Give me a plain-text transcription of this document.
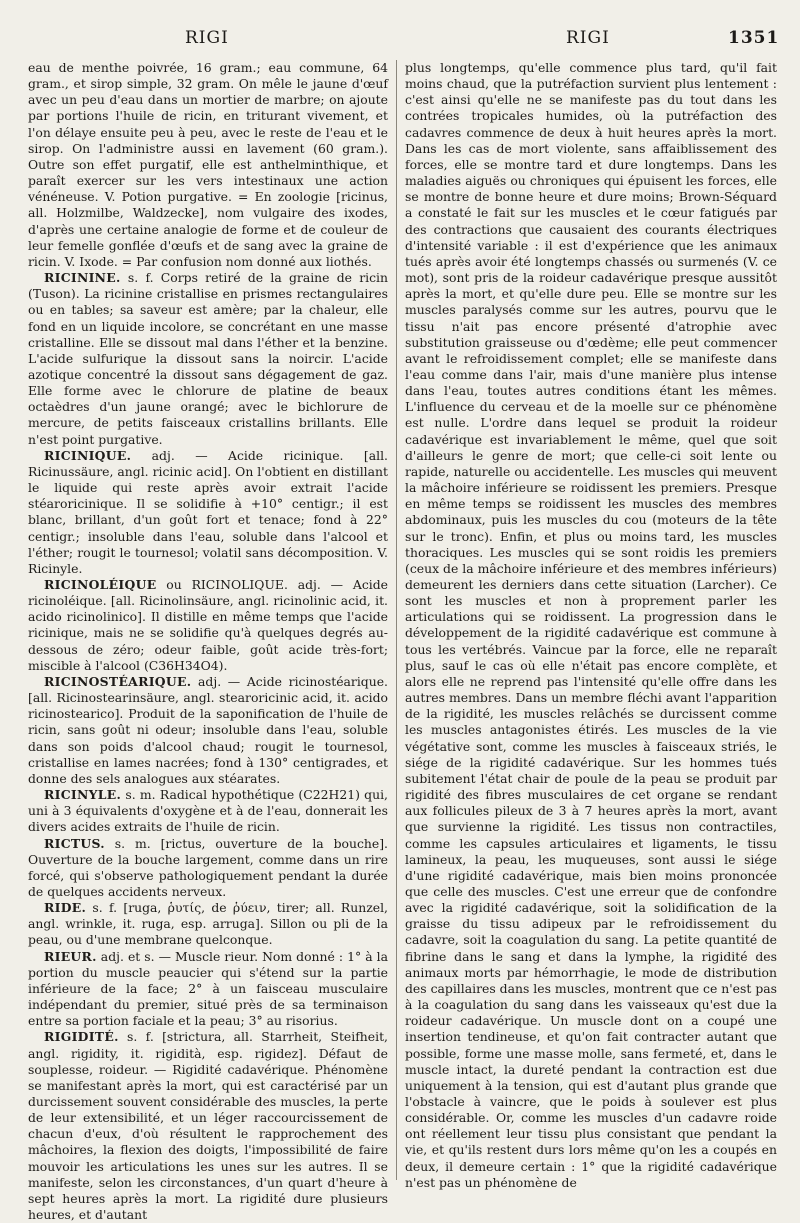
RIGI	RIGI	1351

eau de menthe poivrée, 16 gram.; eau commune, 64 gram., et sirop simple, 32 gram. On mêle le jaune d'œuf avec un peu d'eau dans un mortier de marbre; on ajoute par portions l'huile de ricin, en triturant vivement, et l'on délaye ensuite peu à peu, avec le reste de l'eau et le sirop. On l'administre aussi en lavement (60 gram.). Outre son effet purgatif, elle est anthelminthique, et paraît exercer sur les vers intestinaux une action vénéneuse. V. Potion purgative. = En zoologie [ricinus, all. Holzmilbe, Waldzecke], nom vulgaire des ixodes, d'après une certaine analogie de forme et de couleur de leur femelle gonflée d'œufs et de sang avec la graine de ricin. V. Ixode. = Par confusion nom donné aux liothés.

RICININE. s. f. Corps retiré de la graine de ricin (Tuson). La ricinine cristallise en prismes rectangulaires ou en tables; sa saveur est amère; par la chaleur, elle fond en un liquide incolore, se concrétant en une masse cristalline. Elle se dissout mal dans l'éther et la benzine. L'acide sulfurique la dissout sans la noircir. L'acide azotique concentré la dissout sans dégagement de gaz. Elle forme avec le chlorure de platine de beaux octaèdres d'un jaune orangé; avec le bichlorure de mercure, de petits faisceaux cristallins brillants. Elle n'est point purgative.

RICINIQUE. adj. — Acide ricinique. [all. Ricinussäure, angl. ricinic acid]. On l'obtient en distillant le liquide qui reste après avoir extrait l'acide stéaroricinique. Il se solidifie à +10° centigr.; il est blanc, brillant, d'un goût fort et tenace; fond à 22° centigr.; insoluble dans l'eau, soluble dans l'alcool et l'éther; rougit le tournesol; volatil sans décomposition. V. Ricinyle.

RICINOLÉIQUE ou RICINOLIQUE. adj. — Acide ricinoléique. [all. Ricinolinsäure, angl. ricinolinic acid, it. acido ricinolinico]. Il distille en même temps que l'acide ricinique, mais ne se solidifie qu'à quelques degrés au-dessous de zéro; odeur faible, goût acide très-fort; miscible à l'alcool (C36H34O4).

RICINOSTÉARIQUE. adj. — Acide ricinostéarique. [all. Ricinostearinsäure, angl. stearoricinic acid, it. acido ricinostearico]. Produit de la saponification de l'huile de ricin, sans goût ni odeur; insoluble dans l'eau, soluble dans son poids d'alcool chaud; rougit le tournesol, cristallise en lames nacrées; fond à 130° centigrades, et donne des sels analogues aux stéarates.

RICINYLE. s. m. Radical hypothétique (C22H21) qui, uni à 3 équivalents d'oxygène et à de l'eau, donnerait les divers acides extraits de l'huile de ricin.

RICTUS. s. m. [rictus, ouverture de la bouche]. Ouverture de la bouche largement, comme dans un rire forcé, qui s'observe pathologiquement pendant la durée de quelques accidents nerveux.

RIDE. s. f. [ruga, ῥυτίς, de ῥύειν, tirer; all. Runzel, angl. wrinkle, it. ruga, esp. arruga]. Sillon ou pli de la peau, ou d'une membrane quelconque.

RIEUR. adj. et s. — Muscle rieur. Nom donné : 1° à la portion du muscle peaucier qui s'étend sur la partie inférieure de la face; 2° à un faisceau musculaire indépendant du premier, situé près de sa terminaison entre sa portion faciale et la peau; 3° au risorius.

RIGIDITÉ. s. f. [strictura, all. Starrheit, Steifheit, angl. rigidity, it. rigidità, esp. rigidez]. Défaut de souplesse, roideur. — Rigidité cadavérique. Phénomène se manifestant après la mort, qui est caractérisé par un durcissement souvent considérable des muscles, la perte de leur extensibilité, et un léger raccourcissement de chacun d'eux, d'où résultent le rapprochement des mâchoires, la flexion des doigts, l'impossibilité de faire mouvoir les articulations les unes sur les autres. Il se manifeste, selon les circonstances, d'un quart d'heure à sept heures après la mort. La rigidité dure plusieurs heures, et d'autant

plus longtemps, qu'elle commence plus tard, qu'il fait moins chaud, que la putréfaction survient plus lentement : c'est ainsi qu'elle ne se manifeste pas du tout dans les contrées tropicales humides, où la putréfaction des cadavres commence de deux à huit heures après la mort. Dans les cas de mort violente, sans affaiblissement des forces, elle se montre tard et dure longtemps. Dans les maladies aiguës ou chroniques qui épuisent les forces, elle se montre de bonne heure et dure moins; Brown-Séquard a constaté le fait sur les muscles et le cœur fatigués par des contractions que causaient des courants électriques d'intensité variable : il est d'expérience que les animaux tués après avoir été longtemps chassés ou surmenés (V. ce mot), sont pris de la roideur cadavérique presque aussitôt après la mort, et qu'elle dure peu. Elle se montre sur les muscles paralysés comme sur les autres, pourvu que le tissu n'ait pas encore présenté d'atrophie avec substitution graisseuse ou d'œdème; elle peut commencer avant le refroidissement complet; elle se manifeste dans l'eau comme dans l'air, mais d'une manière plus intense dans l'eau, toutes autres conditions étant les mêmes. L'influence du cerveau et de la moelle sur ce phénomène est nulle. L'ordre dans lequel se produit la roideur cadavérique est invariablement le même, quel que soit d'ailleurs le genre de mort; que celle-ci soit lente ou rapide, naturelle ou accidentelle. Les muscles qui meuvent la mâchoire inférieure se roidissent les premiers. Presque en même temps se roidissent les muscles des membres abdominaux, puis les muscles du cou (moteurs de la tête sur le tronc). Enfin, et plus ou moins tard, les muscles thoraciques. Les muscles qui se sont roidis les premiers (ceux de la mâchoire inférieure et des membres inférieurs) demeurent les derniers dans cette situation (Larcher). Ce sont les muscles et non à proprement parler les articulations qui se roidissent. La progression dans le développement de la rigidité cadavérique est commune à tous les vertébrés. Vaincue par la force, elle ne reparaît plus, sauf le cas où elle n'était pas encore complète, et alors elle ne reprend pas l'intensité qu'elle offre dans les autres membres. Dans un membre fléchi avant l'apparition de la rigidité, les muscles relâchés se durcissent comme les muscles antagonistes étirés. Les muscles de la vie végétative sont, comme les muscles à faisceaux striés, le siége de la rigidité cadavérique. Sur les hommes tués subitement l'état chair de poule de la peau se produit par rigidité des fibres musculaires de cet organe se rendant aux follicules pileux de 3 à 7 heures après la mort, avant que survienne la rigidité. Les tissus non contractiles, comme les capsules articulaires et ligaments, le tissu lamineux, la peau, les muqueuses, sont aussi le siége d'une rigidité cadavérique, mais bien moins prononcée que celle des muscles. C'est une erreur que de confondre avec la rigidité cadavérique, soit la solidification de la graisse du tissu adipeux par le refroidissement du cadavre, soit la coagulation du sang. La petite quantité de fibrine dans le sang et dans la lymphe, la rigidité des animaux morts par hémorrhagie, le mode de distribution des capillaires dans les muscles, montrent que ce n'est pas à la coagulation du sang dans les vaisseaux qu'est due la roideur cadavérique. Un muscle dont on a coupé une insertion tendineuse, et qu'on fait contracter autant que possible, forme une masse molle, sans fermeté, et, dans le muscle intact, la dureté pendant la contraction est due uniquement à la tension, qui est d'autant plus grande que l'obstacle à vaincre, que le poids à soulever est plus considérable. Or, comme les muscles d'un cadavre roide ont réellement leur tissu plus consistant que pendant la vie, et qu'ils restent durs lors même qu'on les a coupés en deux, il demeure certain : 1° que la rigidité cadavérique n'est pas un phénomène de
